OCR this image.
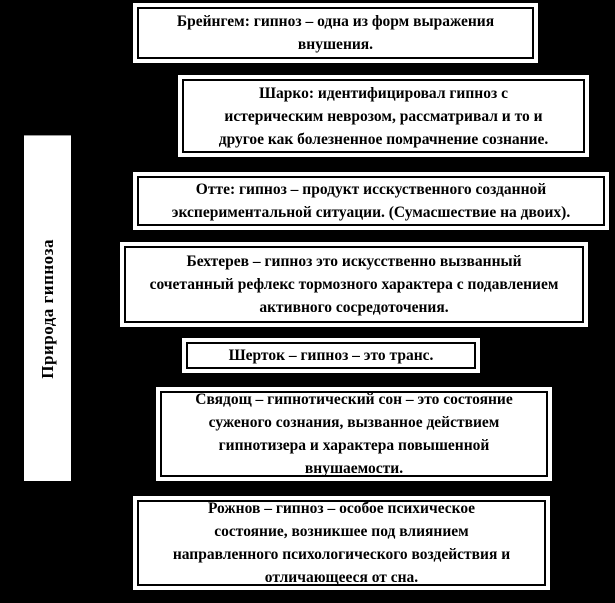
Природа гипноза
Брейнгем: гипноз – одна из форм выражения
внушения.
Шарко: идентифицировал гипноз с
истерическим неврозом, рассматривал и то и
другое как болезненное помрачнение сознание.
Отте: гипноз – продукт исскуственного созданной
экспериментальной ситуации. (Сумасшествие на двоих).
Бехтерев – гипноз это искусственно вызванный
сочетанный рефлекс тормозного характера с подавлением
активного сосредоточения.
Шерток – гипноз – это транс.
Свядощ – гипнотический сон – это состояние
суженого сознания, вызванное действием
гипнотизера и характера повышенной
внушаемости.
Рожнов – гипноз – особое психическое
состояние, возникшее под влиянием
направленного психологического воздействия и
отличающееся от сна.
